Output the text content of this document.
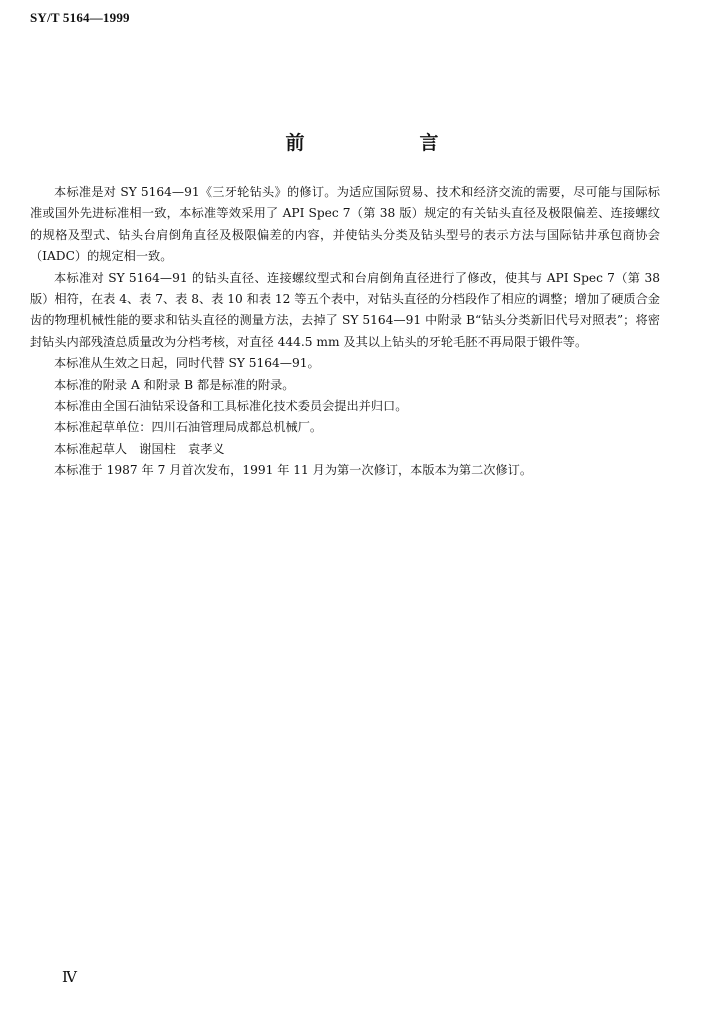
SY/T 5164—1999
前　言

本标准是对 SY 5164—91《三牙轮钻头》的修订。为适应国际贸易、技术和经济交流的需要，尽可能与国际标准或国外先进标准相一致，本标准等效采用了 API Spec 7（第 38 版）规定的有关钻头直径及极限偏差、连接螺纹的规格及型式、钻头台肩倒角直径及极限偏差的内容，并使钻头分类及钻头型号的表示方法与国际钻井承包商协会（IADC）的规定相一致。

本标准对 SY 5164—91 的钻头直径、连接螺纹型式和台肩倒角直径进行了修改，使其与 API Spec 7（第 38 版）相符，在表 4、表 7、表 8、表 10 和表 12 等五个表中，对钻头直径的分档段作了相应的调整；增加了硬质合金齿的物理机械性能的要求和钻头直径的测量方法，去掉了 SY 5164—91 中附录 B“钻头分类新旧代号对照表”；将密封钻头内部残渣总质量改为分档考核，对直径 444.5 mm 及其以上钻头的牙轮毛胚不再局限于锻件等。

本标准从生效之日起，同时代替 SY 5164—91。

本标准的附录 A 和附录 B 都是标准的附录。

本标准由全国石油钻采设备和工具标准化技术委员会提出并归口。

本标准起草单位：四川石油管理局成都总机械厂。

本标准起草人　谢国柱　袁孝义

本标准于 1987 年 7 月首次发布，1991 年 11 月为第一次修订，本版本为第二次修订。

Ⅳ
